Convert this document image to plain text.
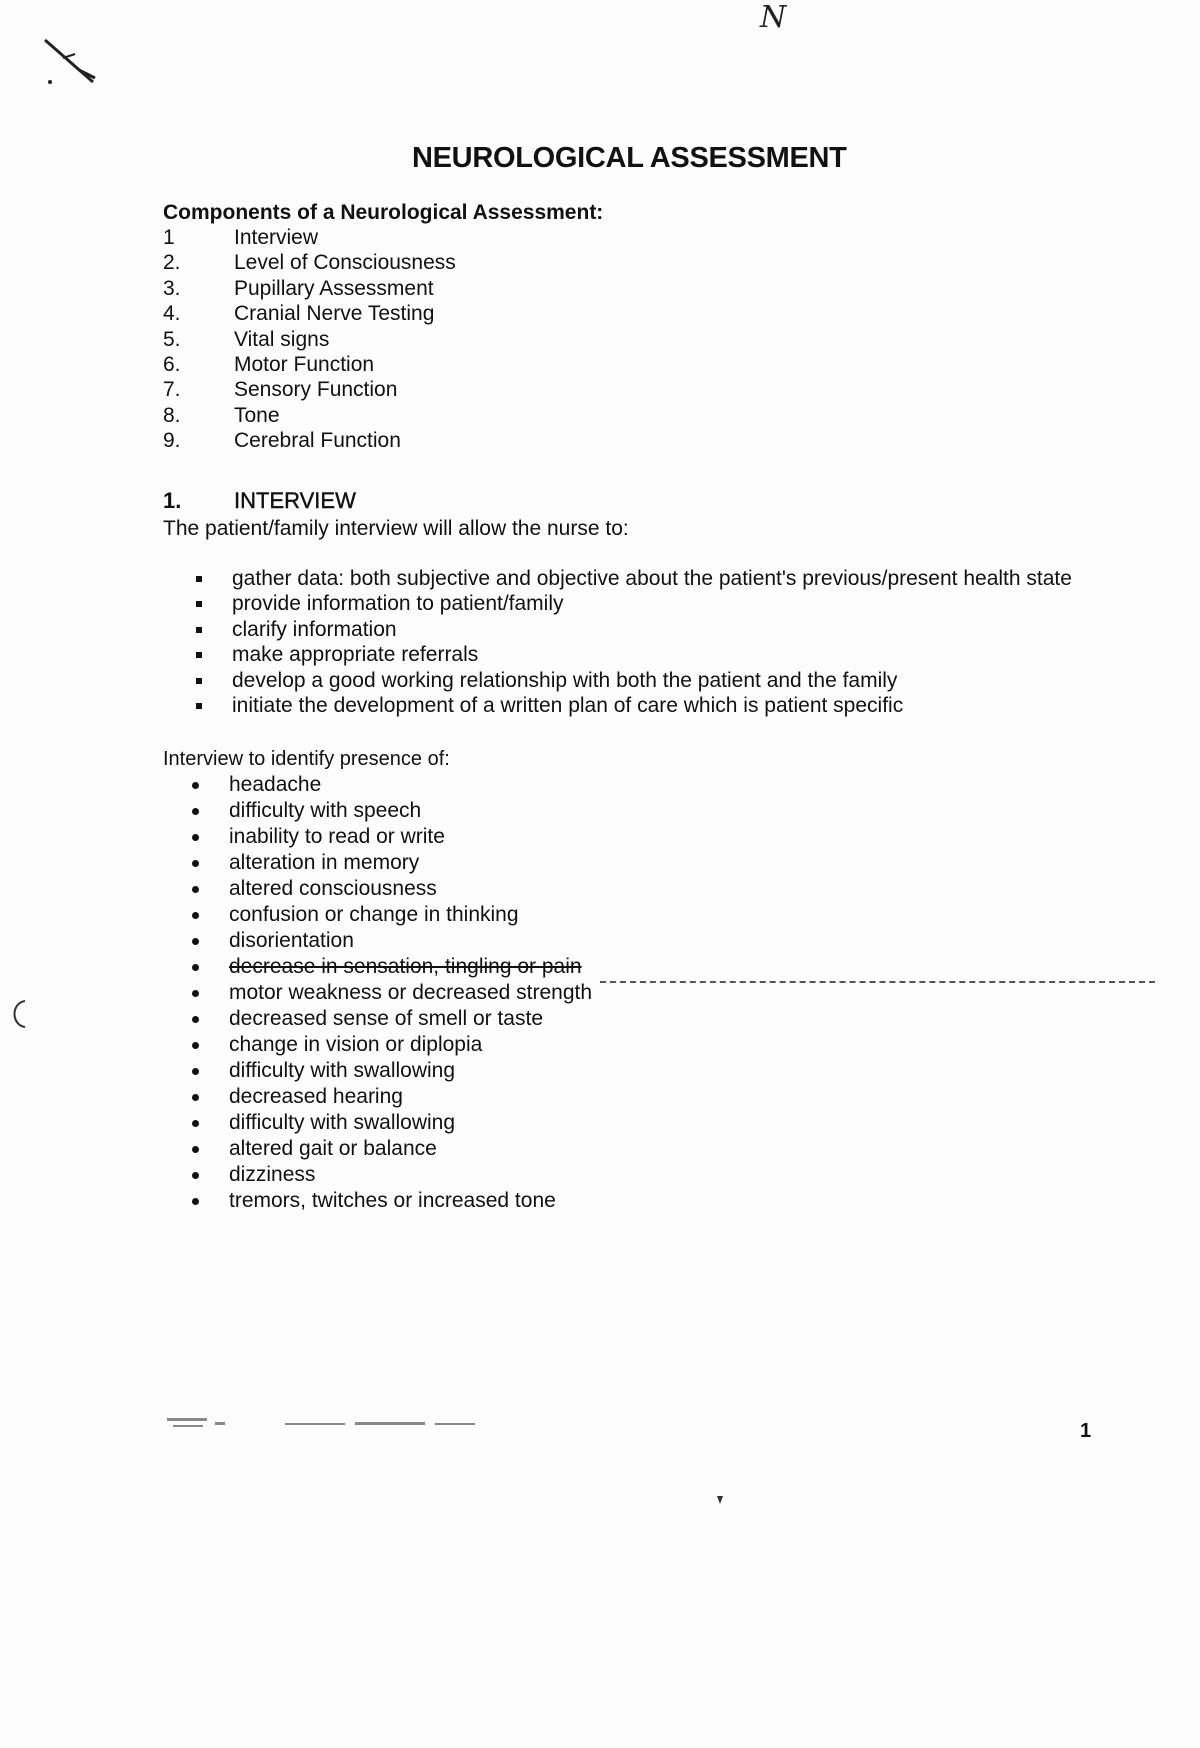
N
NEUROLOGICAL ASSESSMENT
Components of a Neurological Assessment:
1	Interview
2.	Level of Consciousness
3.	Pupillary Assessment
4.	Cranial Nerve Testing
5.	Vital signs
6.	Motor Function
7.	Sensory Function
8.	Tone
9.	Cerebral Function
1.	INTERVIEW
The patient/family interview will allow the nurse to:
gather data: both subjective and objective about the patient's previous/present health state
provide information to patient/family
clarify information
make appropriate referrals
develop a good working relationship with both the patient and the family
initiate the development of a written plan of care which is patient specific
Interview to identify presence of:
headache
difficulty with speech
inability to read or write
alteration in memory
altered consciousness
confusion or change in thinking
disorientation
decrease in sensation, tingling or pain
motor weakness or decreased strength
decreased sense of smell or taste
change in vision or diplopia
difficulty with swallowing
decreased hearing
difficulty with swallowing
altered gait or balance
dizziness
tremors, twitches or increased tone
1
